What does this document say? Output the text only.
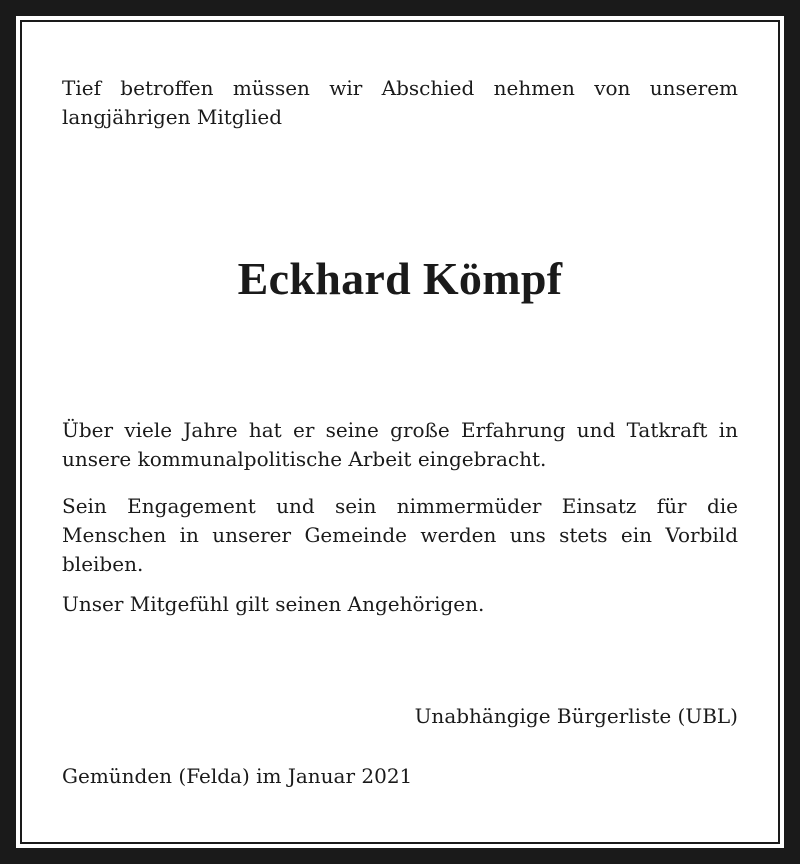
Tief betroffen müssen wir Abschied nehmen von unserem langjährigen Mitglied

Eckhard Kömpf

Über viele Jahre hat er seine große Erfahrung und Tatkraft in unsere kommunalpolitische Arbeit eingebracht.

Sein Engagement und sein nimmermüder Einsatz für die Menschen in unserer Gemeinde werden uns stets ein Vorbild bleiben.

Unser Mitgefühl gilt seinen Angehörigen.

Unabhängige Bürgerliste (UBL)

Gemünden (Felda) im Januar 2021
